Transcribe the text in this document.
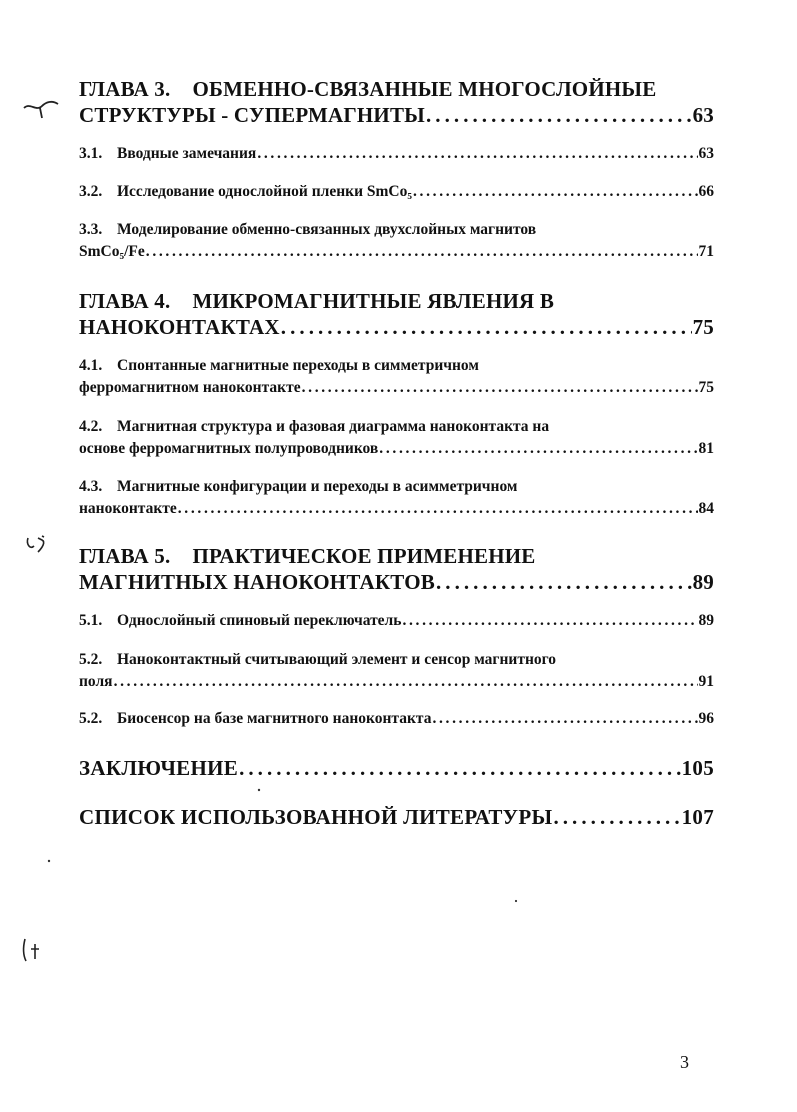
ГЛАВА 3. ОБМЕННО-СВЯЗАННЫЕ МНОГОСЛОЙНЫЕ
СТРУКТУРЫ - СУПЕРМАГНИТЫ . . .	63
3.1. Вводные замечания . . .	63
3.2. Исследование однослойной пленки SmCo₅ . . .	66
3.3. Моделирование обменно-связанных двухслойных магнитов
SmCo₅/Fe . . .	71
ГЛАВА 4. МИКРОМАГНИТНЫЕ ЯВЛЕНИЯ В
НАНОКОНТАКТАХ . . .	75
4.1. Спонтанные магнитные переходы в симметричном
ферромагнитном наноконтакте . . .	75
4.2. Магнитная структура и фазовая диаграмма наноконтакта на
основе ферромагнитных полупроводников . . .	81
4.3. Магнитные конфигурации и переходы в асимметричном
наноконтакте . . .	84
ГЛАВА 5. ПРАКТИЧЕСКОЕ ПРИМЕНЕНИЕ
МАГНИТНЫХ НАНОКОНТАКТОВ . . .	89
5.1. Однослойный спиновый переключатель . . .	89
5.2. Наноконтактный считывающий элемент и сенсор магнитного
поля . . .	91
5.2. Биосенсор на базе магнитного наноконтакта . . .	96
ЗАКЛЮЧЕНИЕ . . .	105
СПИСОК ИСПОЛЬЗОВАННОЙ ЛИТЕРАТУРЫ . . .	107
3
